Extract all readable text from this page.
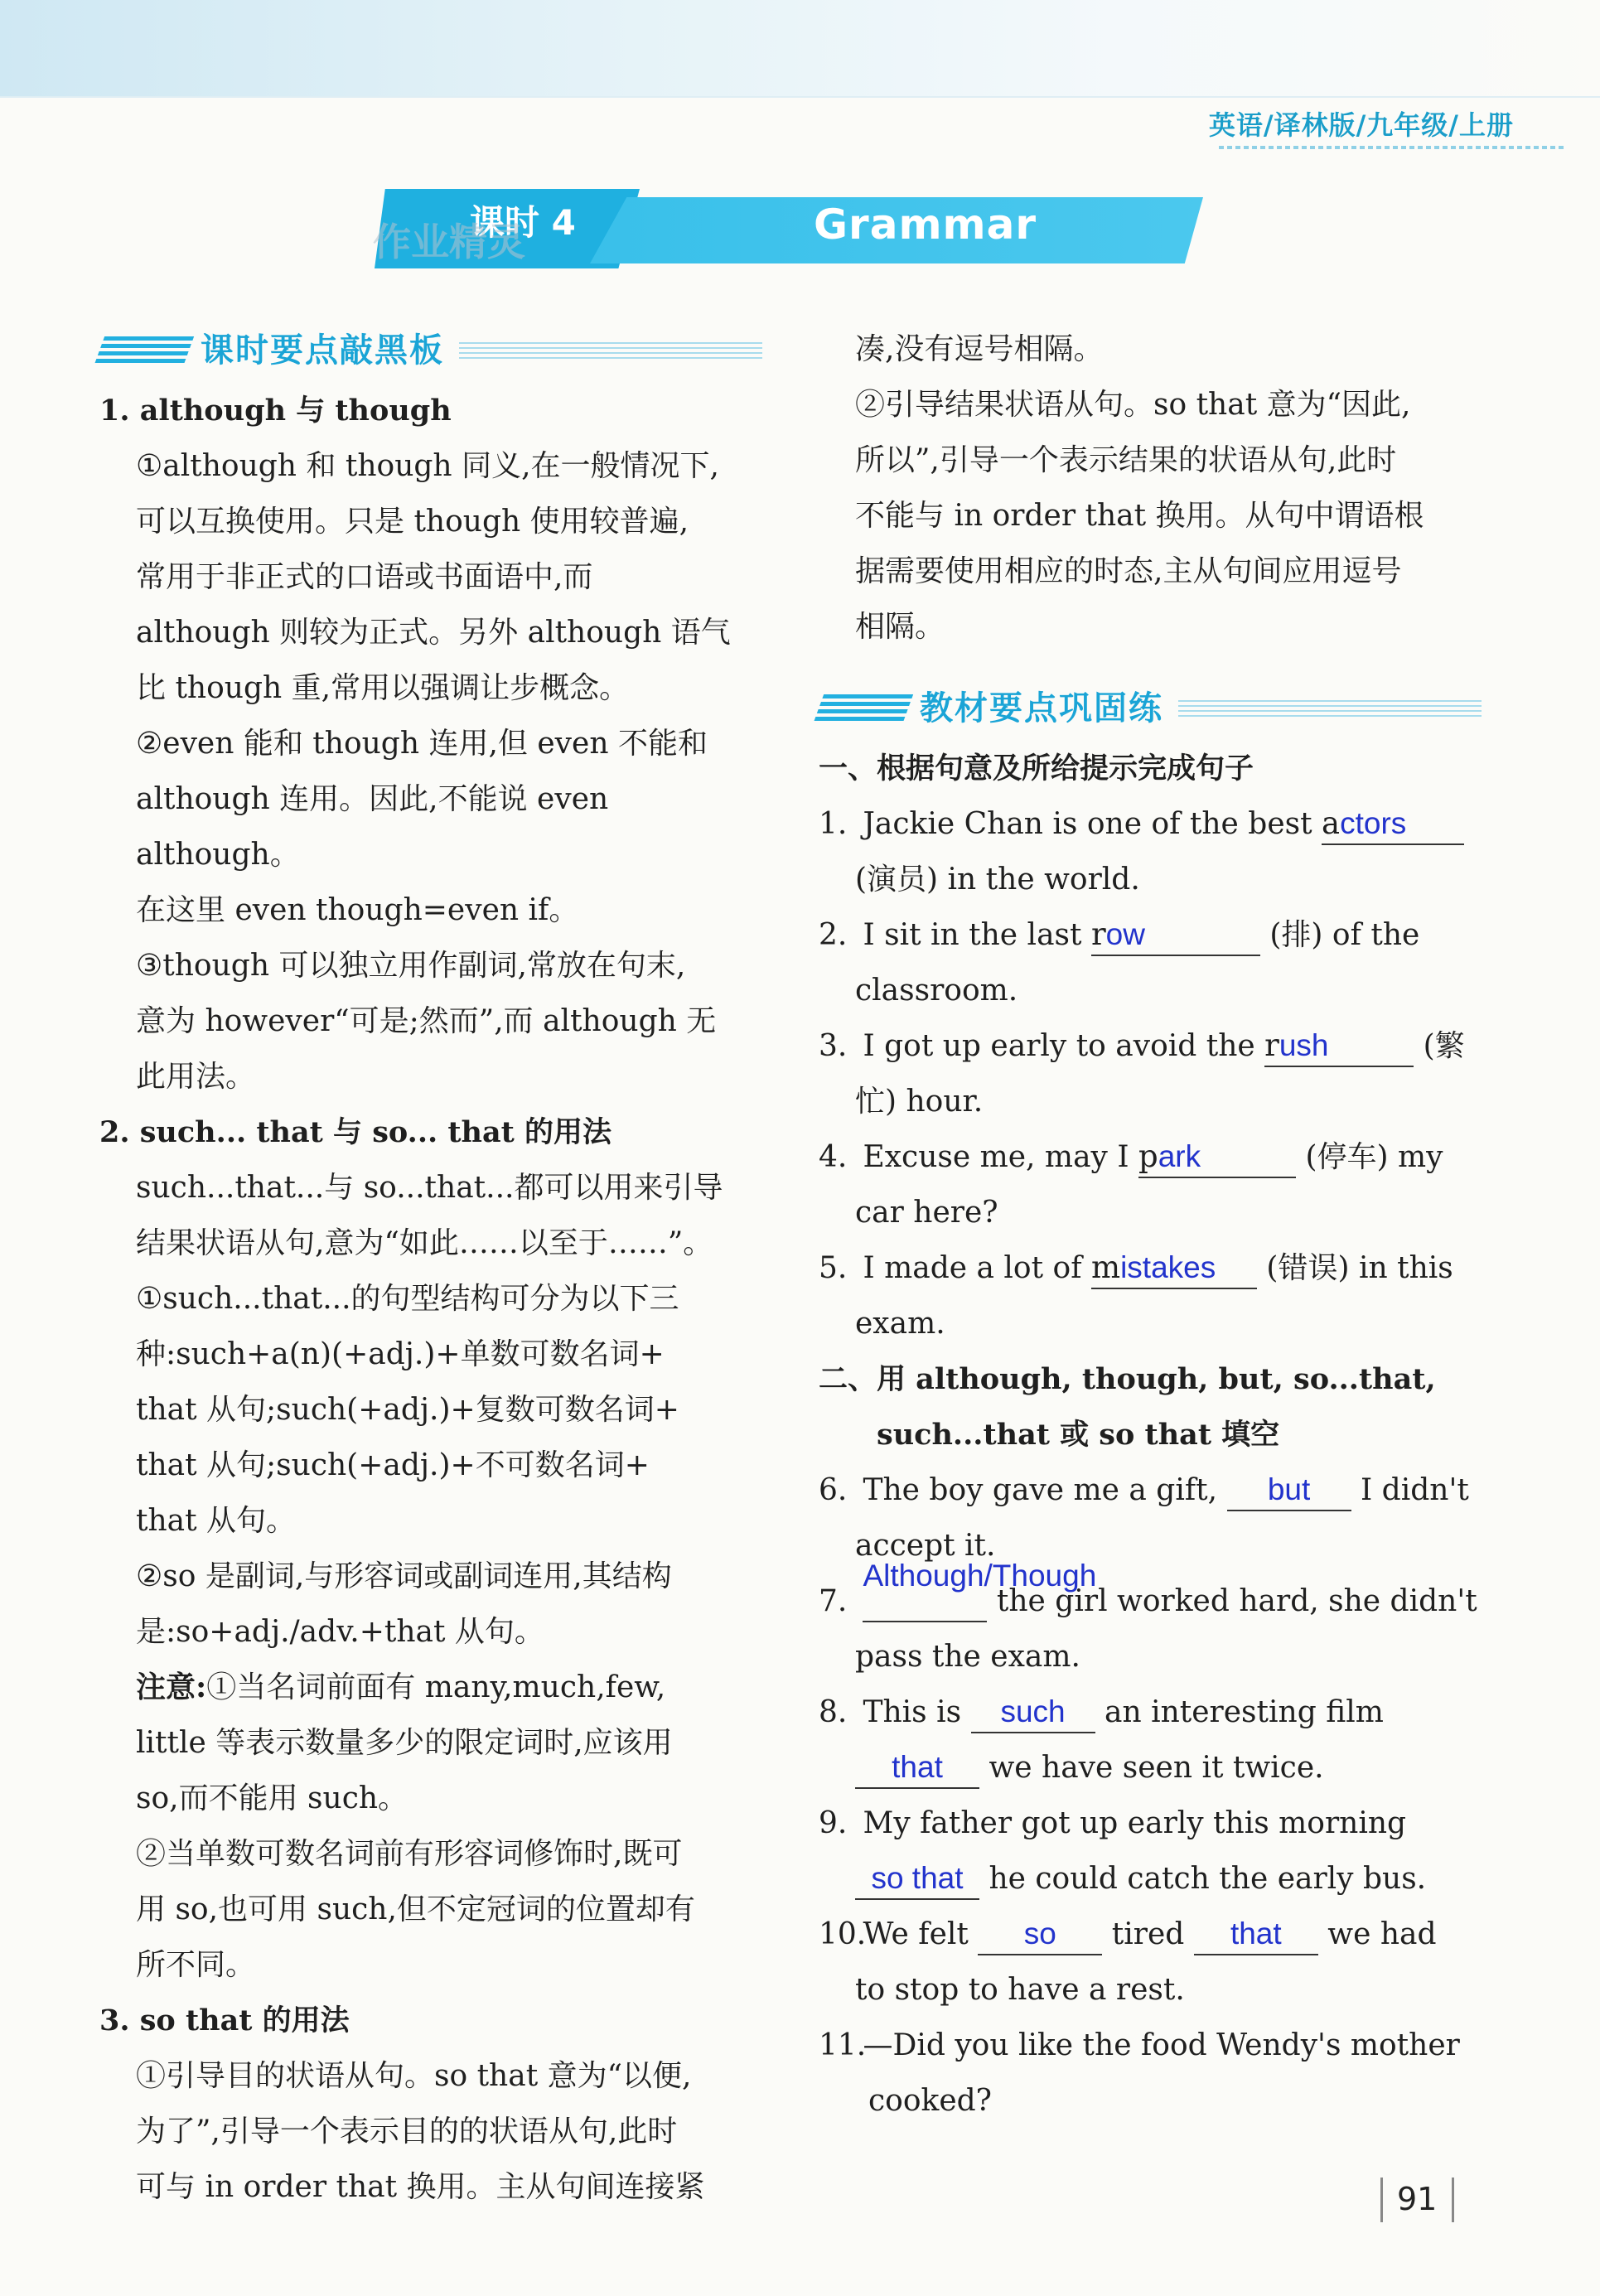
英语/译林版/九年级/上册
课时 4	Grammar
作业精灵
课时要点敲黑板
1. although 与 though
①although 和 though 同义,在一般情况下,
可以互换使用。只是 though 使用较普遍,
常用于非正式的口语或书面语中,而
although 则较为正式。另外 although 语气
比 though 重,常用以强调让步概念。
②even 能和 though 连用,但 even 不能和
although 连用。因此,不能说 even although。
在这里 even though=even if。
③though 可以独立用作副词,常放在句末,
意为 however“可是;然而”,而 although 无
此用法。
2. such... that 与 so... that 的用法
such...that...与 so...that...都可以用来引导
结果状语从句,意为“如此……以至于……”。
①such...that...的句型结构可分为以下三
种:such+a(n)(+adj.)+单数可数名词+
that 从句;such(+adj.)+复数可数名词+
that 从句;such(+adj.)+不可数名词+
that 从句。
②so 是副词,与形容词或副词连用,其结构
是:so+adj./adv.+that 从句。
注意:①当名词前面有 many,much,few,
little 等表示数量多少的限定词时,应该用
so,而不能用 such。
②当单数可数名词前有形容词修饰时,既可
用 so,也可用 such,但不定冠词的位置却有
所不同。
3. so that 的用法
①引导目的状语从句。so that 意为“以便,
为了”,引导一个表示目的的状语从句,此时
可与 in order that 换用。主从句间连接紧
凑,没有逗号相隔。
②引导结果状语从句。so that 意为“因此,
所以”,引导一个表示结果的状语从句,此时
不能与 in order that 换用。从句中谓语根
据需要使用相应的时态,主从句间应用逗号
相隔。
教材要点巩固练
一、根据句意及所给提示完成句子
1. Jackie Chan is one of the best actors
(演员) in the world.
2. I sit in the last row	(排) of the
classroom.
3. I got up early to avoid the rush	(繁
忙) hour.
4. Excuse me, may I park	(停车) my
car here?
5. I made a lot of mistakes (错误) in this
exam.
二、用 although, though, but, so...that,
such...that 或 so that 填空
6. The boy gave me a gift, but I didn't
accept it.
7.
Although/Though
the girl worked hard, she didn't
pass the exam.
8. This is such an interesting film
that we have seen it twice.
9. My father got up early this morning
so that he could catch the early bus.
10. We felt so tired that we had
to stop to have a rest.
11. —Did you like the food Wendy's mother
cooked?
91
